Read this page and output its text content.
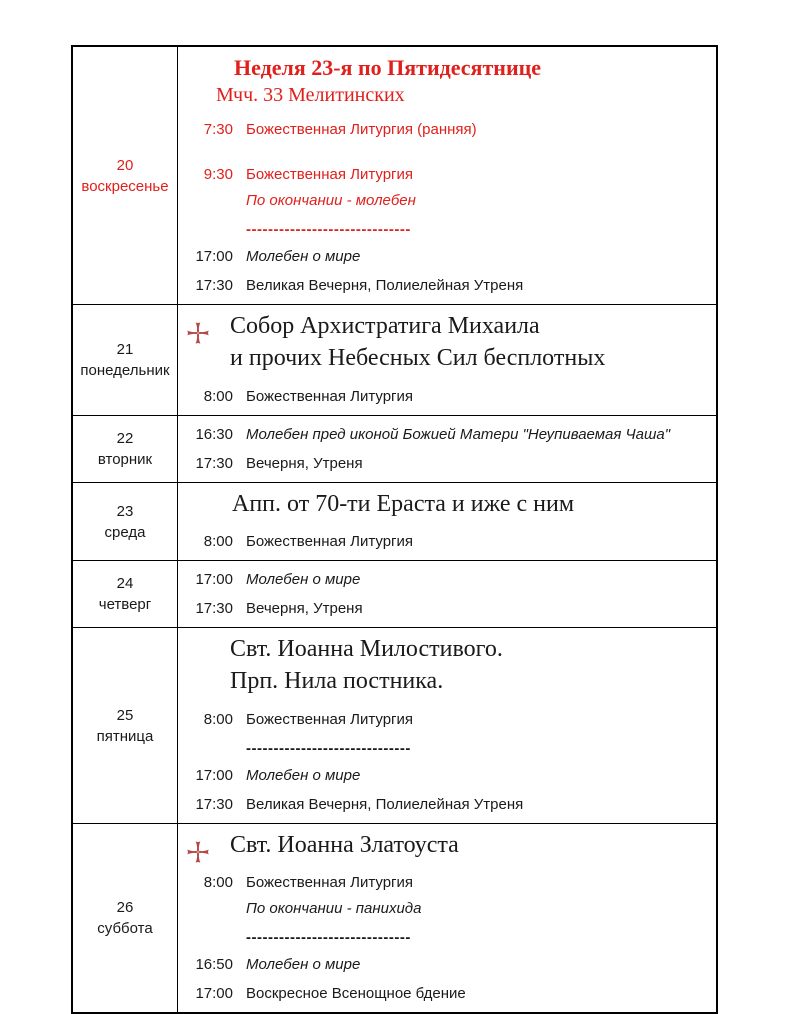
20
воскресенье

Неделя 23-я по Пятидесятнице
Мчч. 33 Мелитинских
7:30 Божественная Литургия (ранняя)
9:30 Божественная Литургия
По окончании - молебен
------------------------------
17:00 Молебен о мире
17:30 Великая Вечерня, Полиелейная Утреня

21
понедельник

Собор Архистратига Михаила
и прочих Небесных Сил бесплотных
8:00 Божественная Литургия

22
вторник

16:30 Молебен пред иконой Божией Матери "Неупиваемая Чаша"
17:30 Вечерня, Утреня

23
среда

Апп. от 70-ти Ераста и иже с ним
8:00 Божественная Литургия

24
четверг

17:00 Молебен о мире
17:30 Вечерня, Утреня

25
пятница

Свт. Иоанна Милостивого.
Прп. Нила постника.
8:00 Божественная Литургия
------------------------------
17:00 Молебен о мире
17:30 Великая Вечерня, Полиелейная Утреня

26
суббота

Свт. Иоанна Златоуста
8:00 Божественная Литургия
По окончании - панихида
------------------------------
16:50 Молебен о мире
17:00 Воскресное Всенощное бдение
